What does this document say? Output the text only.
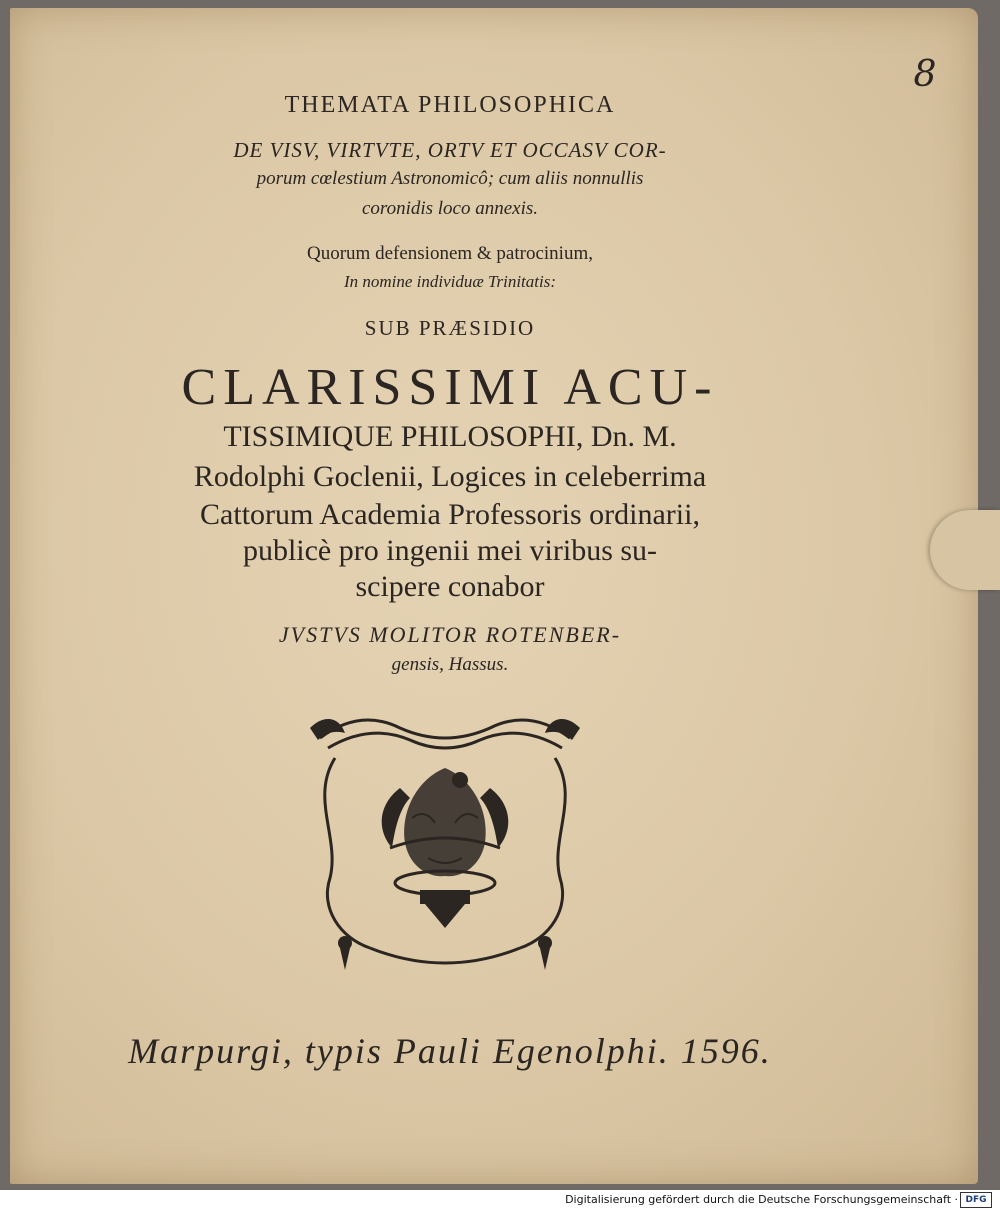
8
THEMATA PHILOSOPHICA
DE VISV, VIRTVTE, ORTV ET OCCASV COR-
porum cœlestium Astronomicô; cum aliis nonnullis
coronidis loco annexis.
Quorum defensionem & patrocinium,
In nomine individuæ Trinitatis:
SUB PRÆSIDIO
CLARISSIMI ACU-
TISSIMIQUE PHILOSOPHI, Dn. M.
Rodolphi Goclenii, Logices in celeberrima
Cattorum Academia Professoris ordinarii,
publicè pro ingenii mei viribus su-
scipere conabor
JVSTVS MOLITOR ROTENBER-
gensis, Hassus.
Marpurgi, typis Pauli Egenolphi. 1596.
Digitalisierung gefördert durch die Deutsche Forschungsgemeinschaft · DFG
